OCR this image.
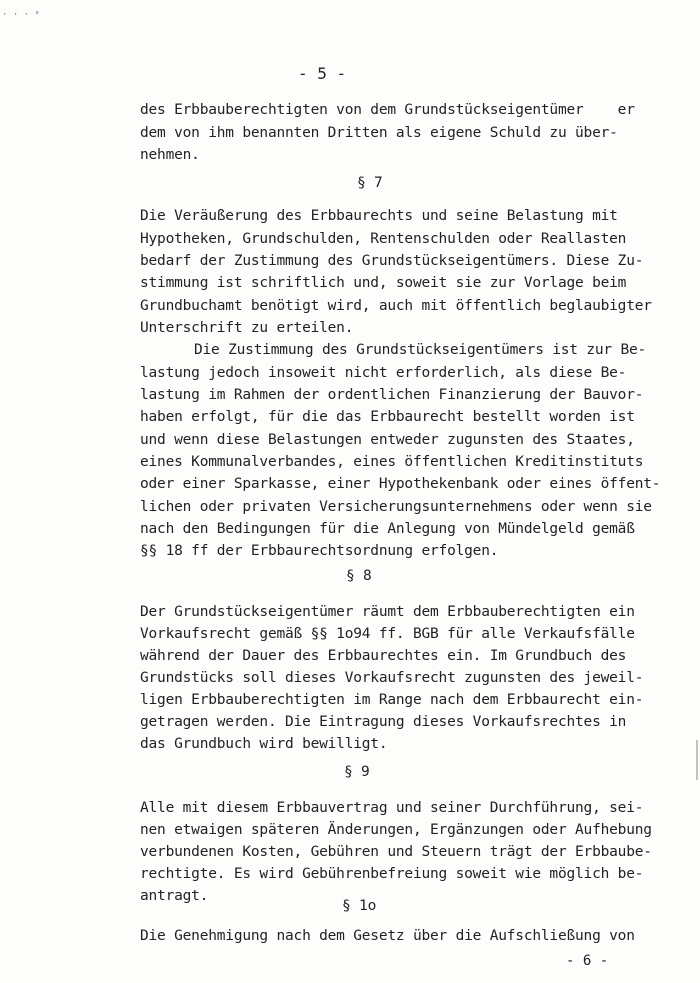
· · · ˣ
- 5 -
des Erbbauberechtigten von dem Grundstückseigentümer    er
dem von ihm benannten Dritten als eigene Schuld zu über-
nehmen.
§ 7
Die Veräußerung des Erbbaurechts und seine Belastung mit
Hypotheken, Grundschulden, Rentenschulden oder Reallasten
bedarf der Zustimmung des Grundstückseigentümers. Diese Zu-
stimmung ist schriftlich und, soweit sie zur Vorlage beim
Grundbuchamt benötigt wird, auch mit öffentlich beglaubigter
Unterschrift zu erteilen.
Die Zustimmung des Grundstückseigentümers ist zur Be-
lastung jedoch insoweit nicht erforderlich, als diese Be-
lastung im Rahmen der ordentlichen Finanzierung der Bauvor-
haben erfolgt, für die das Erbbaurecht bestellt worden ist
und wenn diese Belastungen entweder zugunsten des Staates,
eines Kommunalverbandes, eines öffentlichen Kreditinstituts
oder einer Sparkasse, einer Hypothekenbank oder eines öffent-
lichen oder privaten Versicherungsunternehmens oder wenn sie
nach den Bedingungen für die Anlegung von Mündelgeld gemäß
§§ 18 ff der Erbbaurechtsordnung erfolgen.
§ 8
Der Grundstückseigentümer räumt dem Erbbauberechtigten ein
Vorkaufsrecht gemäß §§ 1o94 ff. BGB für alle Verkaufsfälle
während der Dauer des Erbbaurechtes ein. Im Grundbuch des
Grundstücks soll dieses Vorkaufsrecht zugunsten des jeweil-
ligen Erbbauberechtigten im Range nach dem Erbbaurecht ein-
getragen werden. Die Eintragung dieses Vorkaufsrechtes in
das Grundbuch wird bewilligt.
§ 9
Alle mit diesem Erbbauvertrag und seiner Durchführung, sei-
nen etwaigen späteren Änderungen, Ergänzungen oder Aufhebung
verbundenen Kosten, Gebühren und Steuern trägt der Erbbaube-
rechtigte. Es wird Gebührenbefreiung soweit wie möglich be-
antragt.
§ 1o
Die Genehmigung nach dem Gesetz über die Aufschließung von
- 6 -
